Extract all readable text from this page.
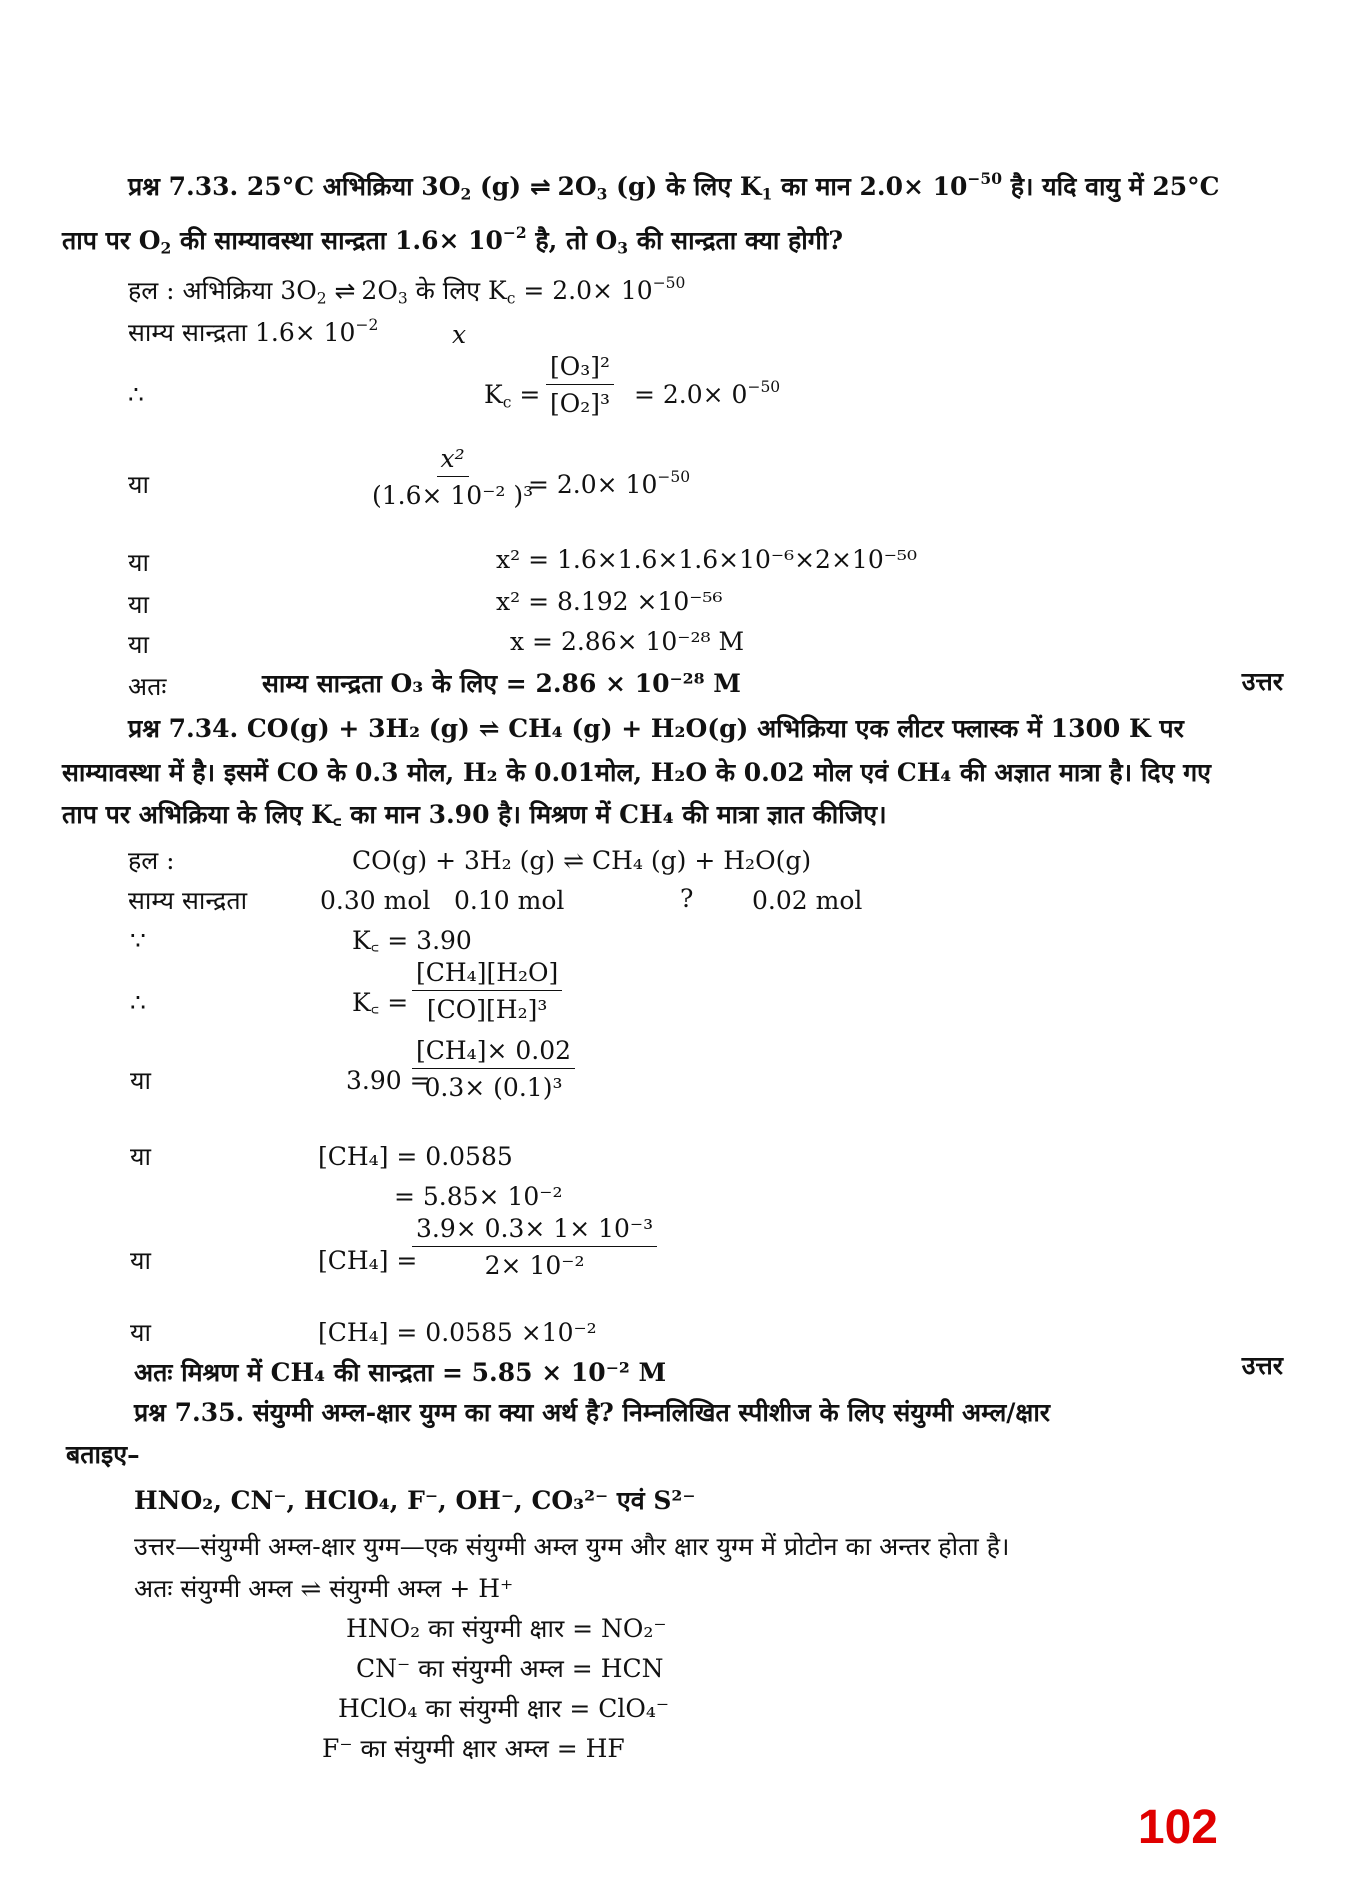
प्रश्न 7.33. 25°C अभिक्रिया $3O_2$ (g) ⇌ $2O_3$ (g) के लिए $K_1$ का मान $2.0\times 10^{-50}$ है। यदि वायु में 25°C
ताप पर $O_2$ की साम्यावस्था सान्द्रता $1.6\times 10^{-2}$ है, तो $O_3$ की सान्द्रता क्या होगी?
हल : अभिक्रिया $3O_2$ ⇌ $2O_3$ के लिए $K_c = 2.0\times 10^{-50}$
साम्य सान्द्रता $1.6\times 10^{-2}$	x
∴	$K_c = \frac{\text{[O₃]²}}{\text{[O₂]³}} = 2.0\times 0^{-50}$
या	$\frac{\text{x²}}{\text{(1.6× 10⁻² )³}}$
= $2.0\times 10^{-50}$
या	x² = 1.6×1.6×1.6×10⁻⁶×2×10⁻⁵⁰
या	x² = 8.192 ×10⁻⁵⁶
या	x = 2.86× 10⁻²⁸ M
अतः	साम्य सान्द्रता O₃ के लिए = 2.86 × 10⁻²⁸ M	उत्तर
प्रश्न 7.34. CO(g) + 3H₂ (g) ⇌ CH₄ (g) + H₂O(g) अभिक्रिया एक लीटर फ्लास्क में 1300 K पर
साम्यावस्था में है। इसमें CO के 0.3 मोल, H₂ के 0.01मोल, H₂O के 0.02 मोल एवं CH₄ की अज्ञात मात्रा है। दिए गए
ताप पर अभिक्रिया के लिए K꜀ का मान 3.90 है। मिश्रण में CH₄ की मात्रा ज्ञात कीजिए।
हल :	CO(g) + 3H₂ (g) ⇌ CH₄ (g) + H₂O(g)
साम्य सान्द्रता	0.30 mol 0.10 mol	? 0.02 mol
∵	K꜀ = 3.90
∴	K꜀ = $\frac{\text{[CH₄][H₂O]}}{\text{[CO][H₂]³}}$
या	3.90 =
$\frac{\text{[CH₄]× 0.02}}{\text{0.3× (0.1)³}}$
या	[CH₄] = 0.0585
= 5.85× 10⁻²
या	[CH₄] =
$\frac{\text{3.9× 0.3× 1× 10⁻³}}{\text{2× 10⁻²}}$
या	[CH₄] = 0.0585 ×10⁻²
अतः मिश्रण में CH₄ की सान्द्रता = 5.85 × 10⁻² M	उत्तर
प्रश्न 7.35. संयुग्मी अम्ल-क्षार युग्म का क्या अर्थ है? निम्नलिखित स्पीशीज के लिए संयुग्मी अम्ल/क्षार
बताइए–
HNO₂, CN⁻, HClO₄, F⁻, OH⁻, CO₃²⁻ एवं S²⁻
उत्तर—संयुग्मी अम्ल-क्षार युग्म—एक संयुग्मी अम्ल युग्म और क्षार युग्म में प्रोटोन का अन्तर होता है।
अतः संयुग्मी अम्ल ⇌ संयुग्मी अम्ल + H⁺
HNO₂ का संयुग्मी क्षार = NO₂⁻
CN⁻ का संयुग्मी अम्ल = HCN
HClO₄ का संयुग्मी क्षार = ClO₄⁻
F⁻ का संयुग्मी क्षार अम्ल = HF
102
